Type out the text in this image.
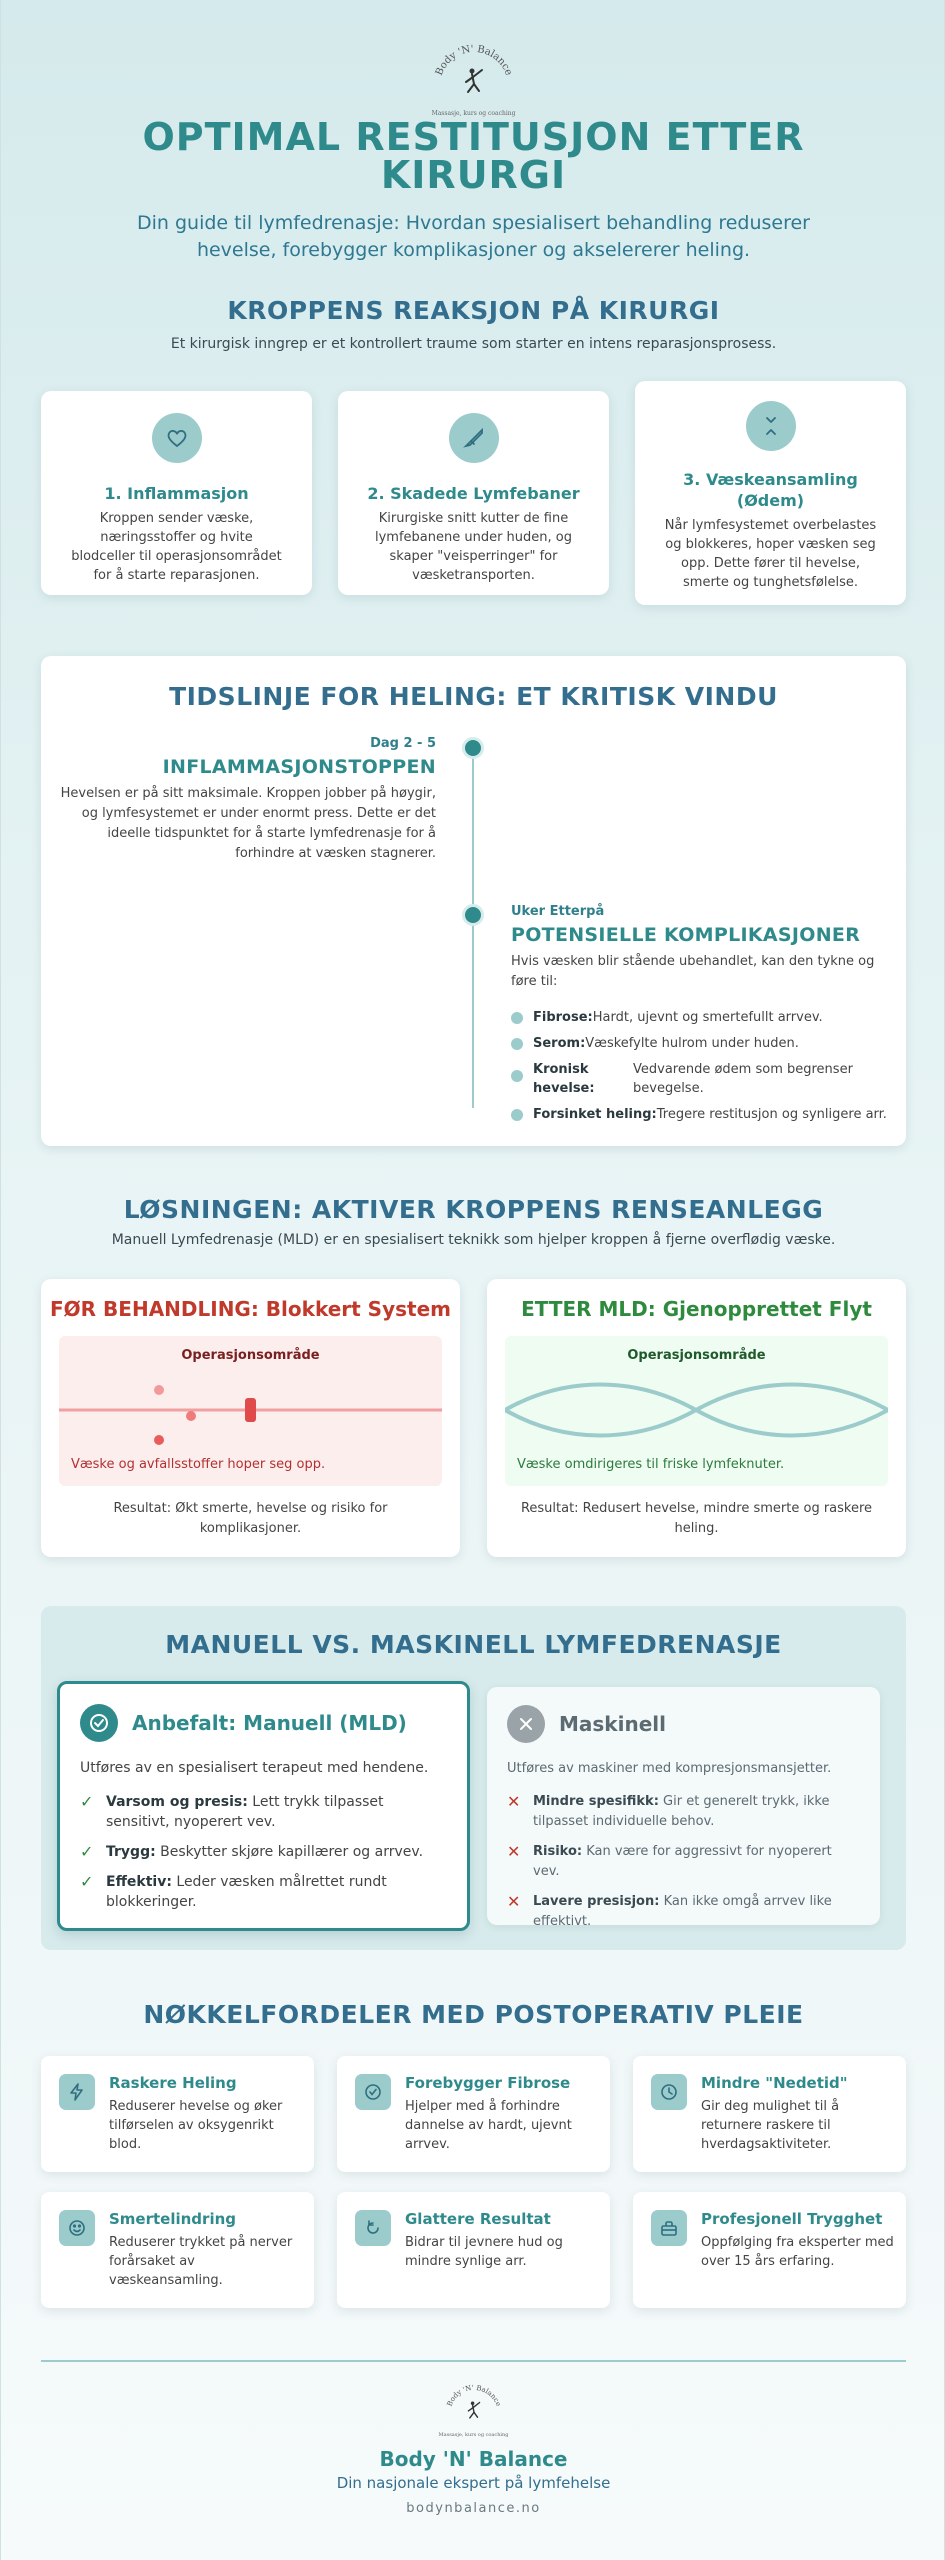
Body 'N' Balance
Massasje, kurs og coaching
OPTIMAL RESTITUSJON ETTER KIRURGI

Din guide til lymfedrenasje: Hvordan spesialisert behandling reduserer hevelse, forebygger komplikasjoner og akselererer heling.

KROPPENS REAKSJON PÅ KIRURGI
Et kirurgisk inngrep er et kontrollert traume som starter en intens reparasjonsprosess.
1. Inflammasjon
Kroppen sender væske, næringsstoffer og hvite blodceller til operasjonsområdet for å starte reparasjonen.
2. Skadede Lymfebaner
Kirurgiske snitt kutter de fine lymfebanene under huden, og skaper "veisperringer" for væsketransporten.
3. Væskeansamling (Ødem)
Når lymfesystemet overbelastes og blokkeres, hoper væsken seg opp. Dette fører til hevelse, smerte og tunghetsfølelse.
TIDSLINJE FOR HELING: ET KRITISK VINDU
Dag 2 - 5
INFLAMMASJONSTOPPEN
Hevelsen er på sitt maksimale. Kroppen jobber på høygir, og lymfesystemet er under enormt press. Dette er det ideelle tidspunktet for å starte lymfedrenasje for å forhindre at væsken stagnerer.
Uker Etterpå
POTENSIELLE KOMPLIKASJONER
Hvis væsken blir stående ubehandlet, kan den tykne og føre til:
Fibrose: Hardt, ujevnt og smertefullt arrvev.
Serom: Væskefylte hulrom under huden.
Kronisk hevelse:
Vedvarende ødem som begrenser bevegelse.
Forsinket heling: Tregere restitusjon og synligere arr.
LØSNINGEN: AKTIVER KROPPENS RENSEANLEGG
Manuell Lymfedrenasje (MLD) er en spesialisert teknikk som hjelper kroppen å fjerne overflødig væske.
FØR BEHANDLING: Blokkert System
Operasjonsområde
Væske og avfallsstoffer hoper seg opp.
Resultat: Økt smerte, hevelse og risiko for komplikasjoner.
ETTER MLD: Gjenopprettet Flyt
Operasjonsområde
Væske omdirigeres til friske lymfeknuter.
Resultat: Redusert hevelse, mindre smerte og raskere heling.
MANUELL VS. MASKINELL LYMFEDRENASJE
Anbefalt: Manuell (MLD)
Utføres av en spesialisert terapeut med hendene.
✓ Varsom og presis: Lett trykk tilpasset sensitivt, nyoperert vev.
✓ Trygg: Beskytter skjøre kapillærer og arrvev.
✓ Effektiv: Leder væsken målrettet rundt blokkeringer.
Maskinell
Utføres av maskiner med kompresjonsmansjetter.
✕ Mindre spesifikk: Gir et generelt trykk, ikke tilpasset individuelle behov.
✕ Risiko: Kan være for aggressivt for nyoperert vev.
✕ Lavere presisjon: Kan ikke omgå arrvev like effektivt.
NØKKELFORDELER MED POSTOPERATIV PLEIE
Raskere Heling
Reduserer hevelse og øker tilførselen av oksygenrikt blod.
Forebygger Fibrose
Hjelper med å forhindre dannelse av hardt, ujevnt arrvev.
Mindre "Nedetid"
Gir deg mulighet til å returnere raskere til hverdagsaktiviteter.
Smertelindring
Reduserer trykket på nerver forårsaket av væskeansamling.
Glattere Resultat
Bidrar til jevnere hud og mindre synlige arr.
Profesjonell Trygghet
Oppfølging fra eksperter med over 15 års erfaring.
Body 'N' Balance
Massasje, kurs og coaching
Body 'N' Balance
Din nasjonale ekspert på lymfehelse
bodynbalance.no
